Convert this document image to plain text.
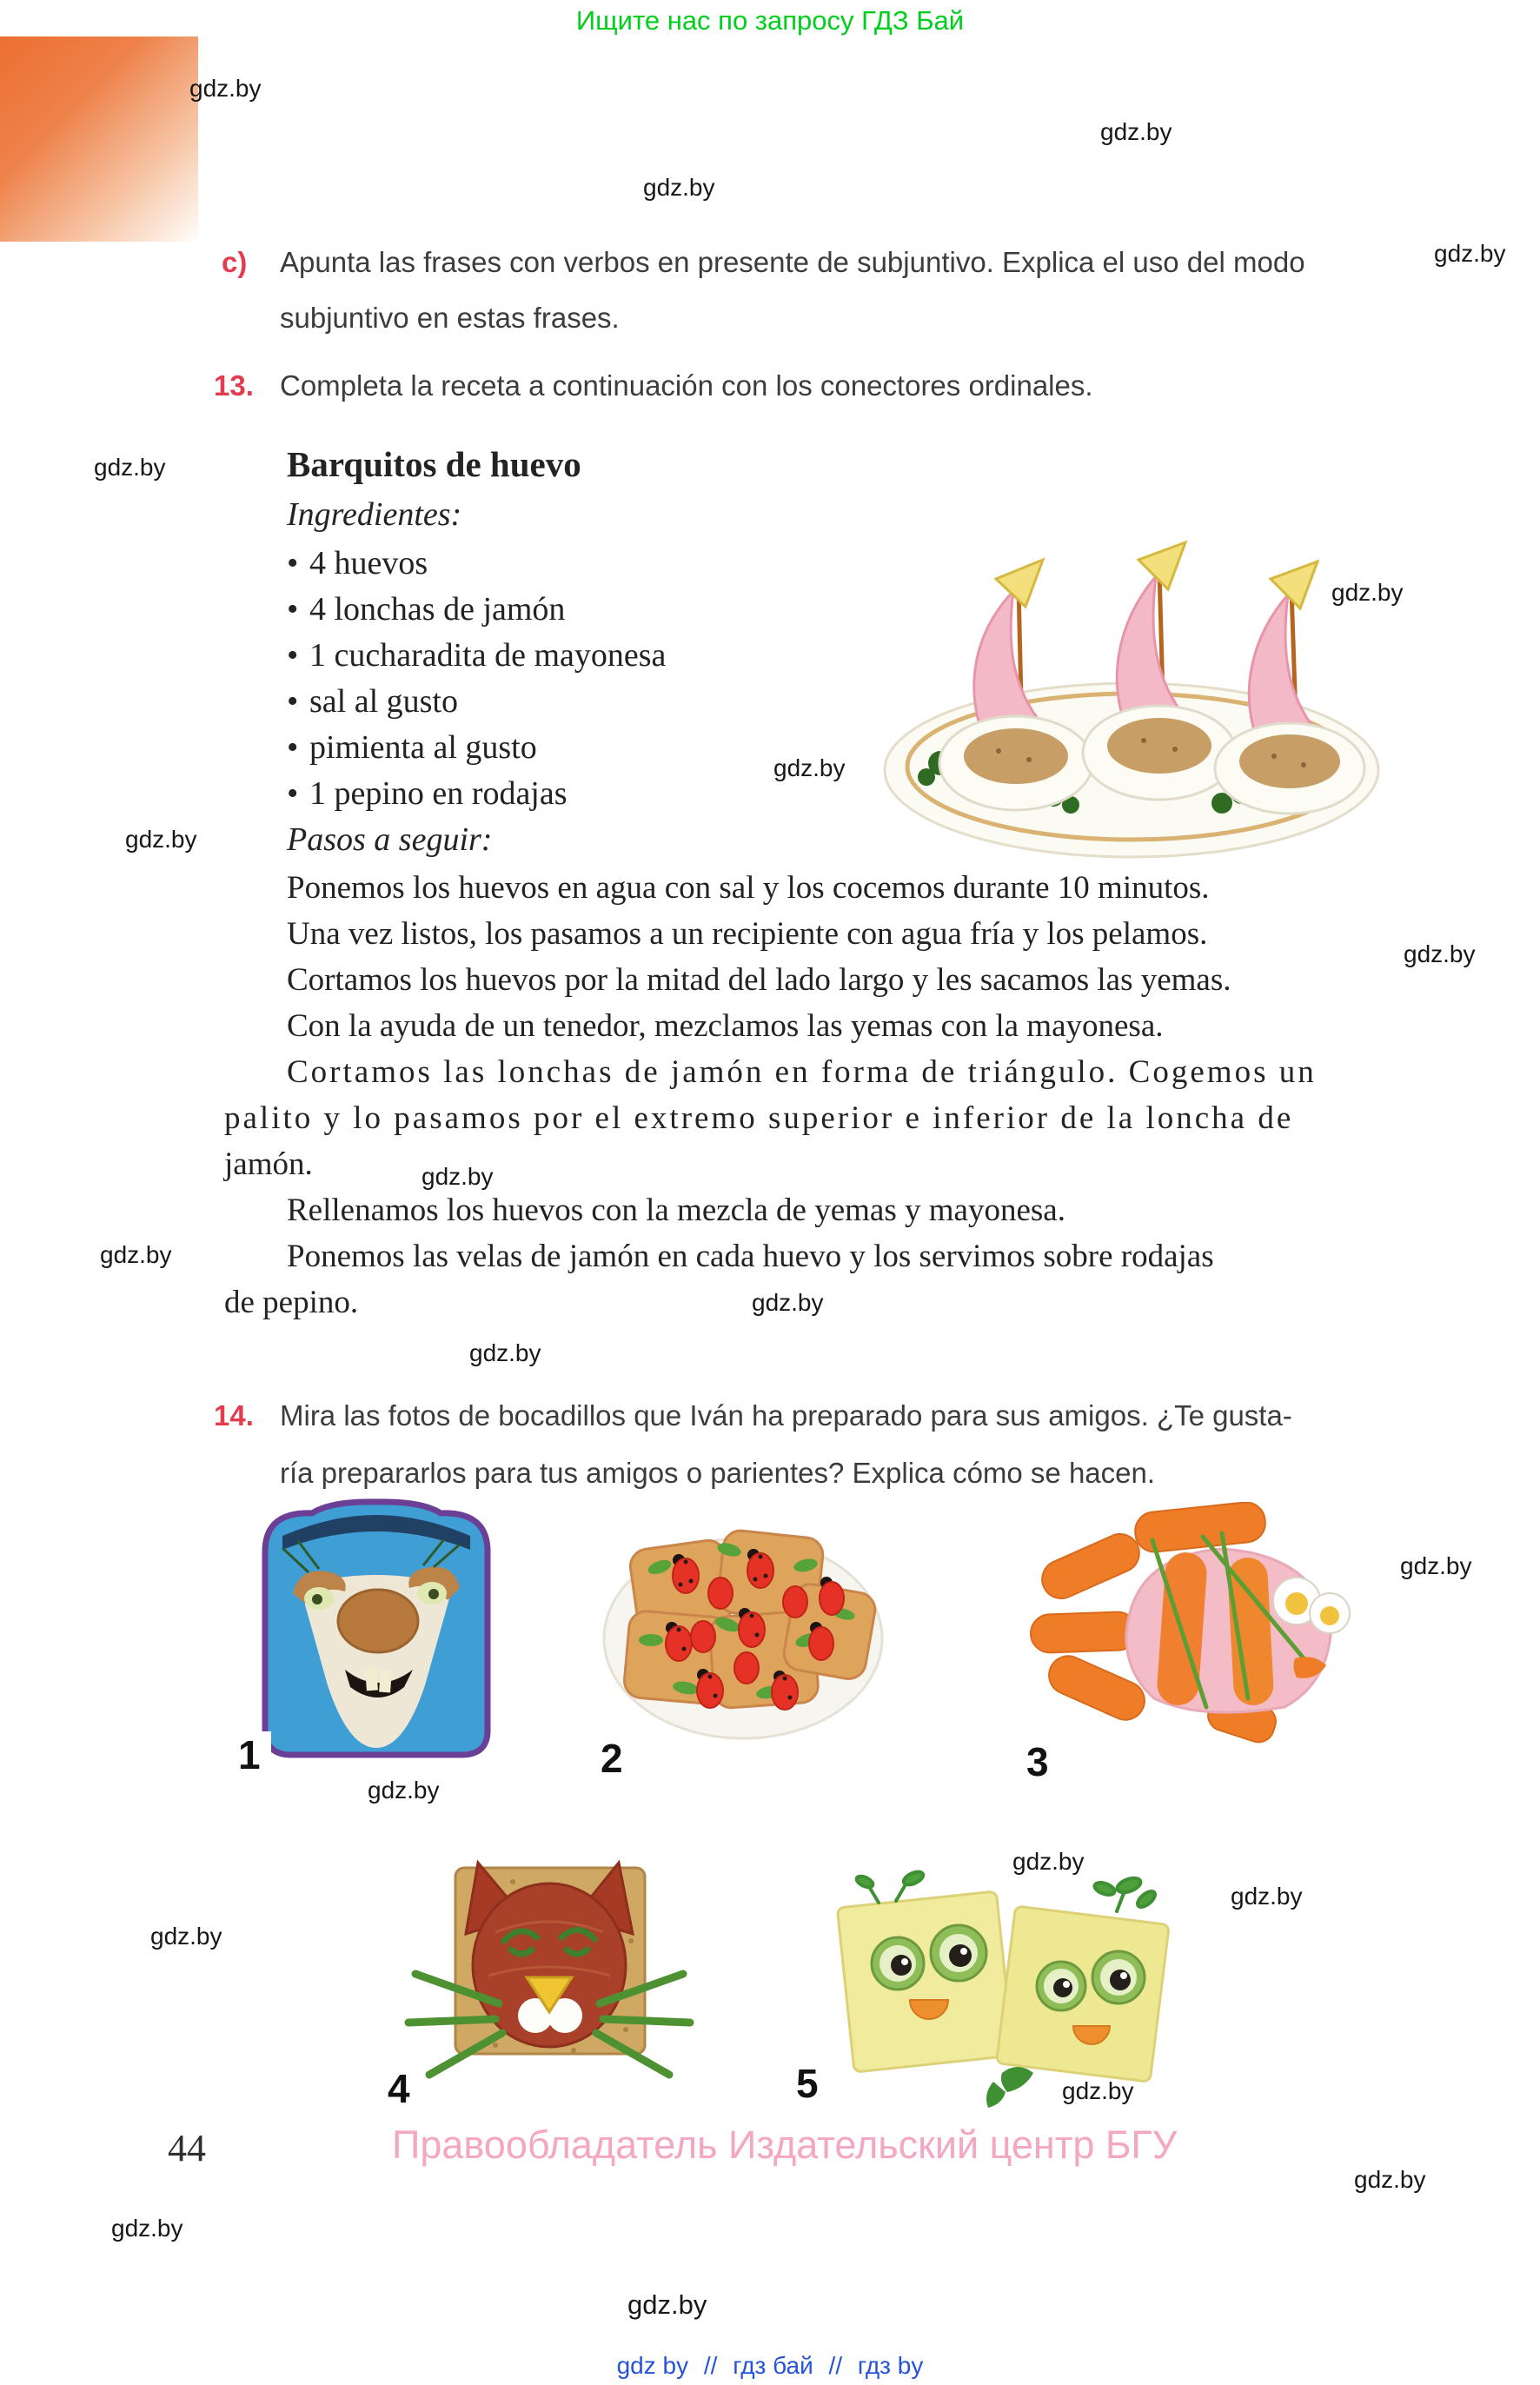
Ищите нас по запросу ГДЗ Бай
gdz.by
gdz.by
gdz.by
gdz.by
gdz.by
gdz.by
gdz.by
gdz.by
gdz.by
gdz.by
gdz.by
gdz.by
gdz.by
gdz.by
gdz.by
gdz.by
gdz.by
gdz.by
gdz.by
gdz.by
gdz.by
gdz.by
c) Apunta las frases con verbos en presente de subjuntivo. Explica el uso del modo
subjuntivo en estas frases.
13. Completa la receta a continuación con los conectores ordinales.
Barquitos de huevo
Ingredientes:
• 4 huevos
• 4 lonchas de jamón
• 1 cucharadita de mayonesa
• sal al gusto
• pimienta al gusto
• 1 pepino en rodajas
Pasos a seguir:
Ponemos los huevos en agua con sal y los cocemos durante 10 minutos.
Una vez listos, los pasamos a un recipiente con agua fría y los pelamos.
Cortamos los huevos por la mitad del lado largo y les sacamos las yemas.
Con la ayuda de un tenedor, mezclamos las yemas con la mayonesa.
Cortamos las lonchas de jamón en forma de triángulo. Cogemos un
palito y lo pasamos por el extremo superior e inferior de la loncha de
jamón.
Rellenamos los huevos con la mezcla de yemas y mayonesa.
Ponemos las velas de jamón en cada huevo y los servimos sobre rodajas
de pepino.
14. Mira las fotos de bocadillos que Iván ha preparado para sus amigos. ¿Te gusta-
ría prepararlos para tus amigos o parientes? Explica cómo se hacen.
1	2	3
4	5
44	Правообладатель Издательский центр БГУ
gdz by // гдз бай // гдз by
